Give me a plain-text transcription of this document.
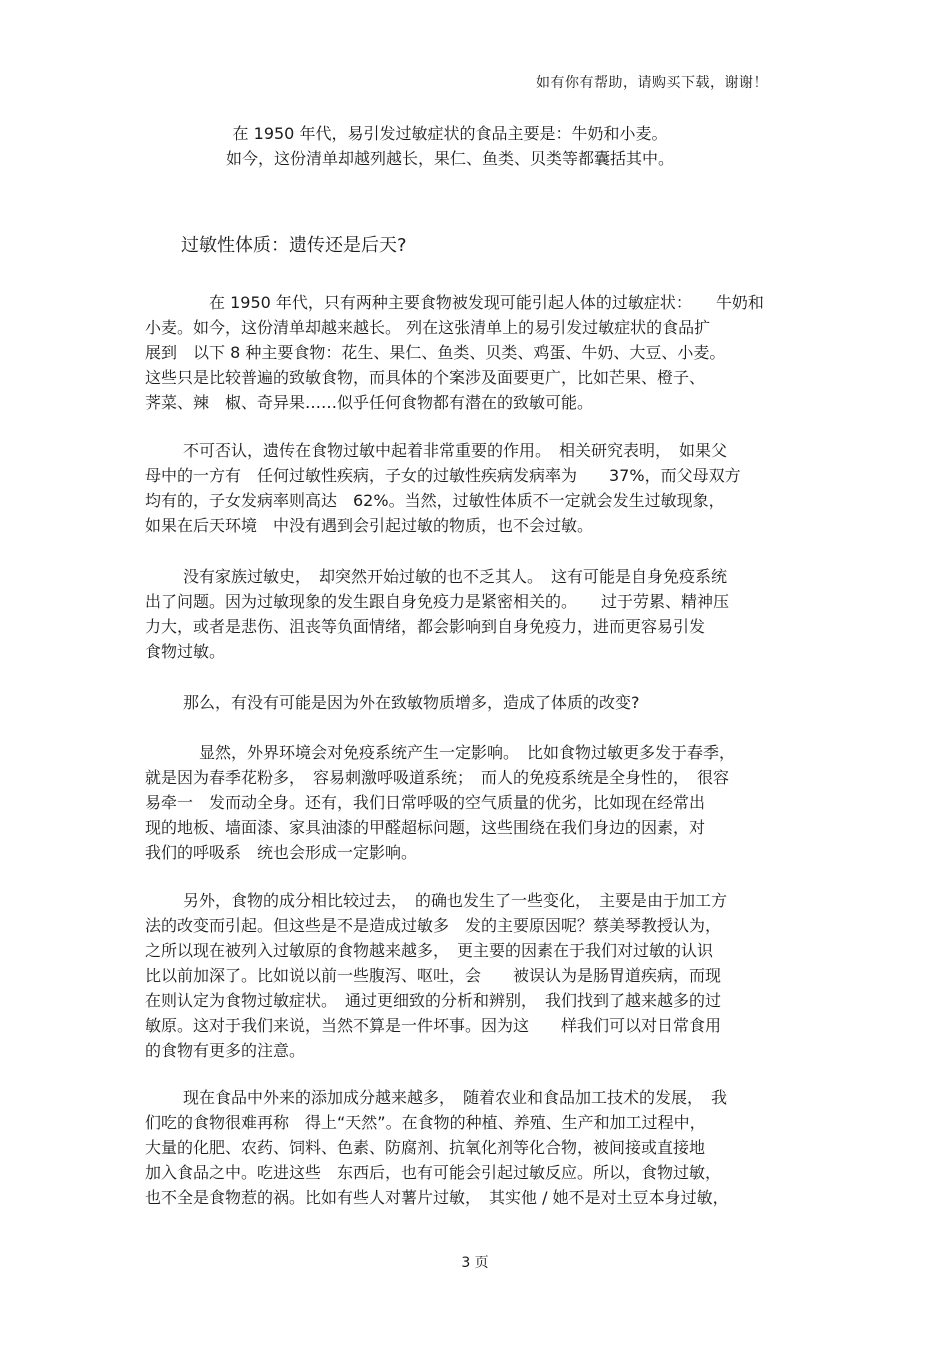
如有你有帮助，请购买下载，谢谢！
在 1950 年代，易引发过敏症状的食品主要是：牛奶和小麦。
如今，这份清单却越列越长，果仁、鱼类、贝类等都囊括其中。
过敏性体质：遗传还是后天?
　在 1950 年代，只有两种主要食物被发现可能引起人体的过敏症状：　　牛奶和
小麦。如今，这份清单却越来越长。 列在这张清单上的易引发过敏症状的食品扩
展到　以下 8 种主要食物：花生、果仁、鱼类、贝类、鸡蛋、牛奶、大豆、小麦。
这些只是比较普遍的致敏食物，而具体的个案涉及面要更广，比如芒果、橙子、
荠菜、辣　椒、奇异果……似乎任何食物都有潜在的致敏可能。
不可否认，遗传在食物过敏中起着非常重要的作用。　相关研究表明，　如果父
母中的一方有　任何过敏性疾病，子女的过敏性疾病发病率为　　37%，而父母双方
均有的，子女发病率则高达　62%。当然，过敏性体质不一定就会发生过敏现象，
如果在后天环境　中没有遇到会引起过敏的物质，也不会过敏。
没有家族过敏史，　却突然开始过敏的也不乏其人。　这有可能是自身免疫系统
出了问题。因为过敏现象的发生跟自身免疫力是紧密相关的。　　过于劳累、精神压
力大，或者是悲伤、沮丧等负面情绪，都会影响到自身免疫力，进而更容易引发
食物过敏。
那么，有没有可能是因为外在致敏物质增多，造成了体质的改变?
　显然，外界环境会对免疫系统产生一定影响。　比如食物过敏更多发于春季，
就是因为春季花粉多，　容易刺激呼吸道系统；　而人的免疫系统是全身性的，　很容
易牵一　发而动全身。还有，我们日常呼吸的空气质量的优劣，比如现在经常出
现的地板、墙面漆、家具油漆的甲醛超标问题，这些围绕在我们身边的因素，对
我们的呼吸系　统也会形成一定影响。
另外，食物的成分相比较过去，　的确也发生了一些变化，　主要是由于加工方
法的改变而引起。但这些是不是造成过敏多　发的主要原因呢？蔡美琴教授认为，
之所以现在被列入过敏原的食物越来越多，　更主要的因素在于我们对过敏的认识
比以前加深了。比如说以前一些腹泻、呕吐，会　　被误认为是肠胃道疾病，而现
在则认定为食物过敏症状。　通过更细致的分析和辨别，　我们找到了越来越多的过
敏原。这对于我们来说，当然不算是一件坏事。因为这　　样我们可以对日常食用
的食物有更多的注意。
现在食品中外来的添加成分越来越多，　随着农业和食品加工技术的发展，　我
们吃的食物很难再称　得上“天然”。在食物的种植、养殖、生产和加工过程中，
大量的化肥、农药、饲料、色素、防腐剂、抗氧化剂等化合物，被间接或直接地
加入食品之中。吃进这些　东西后，也有可能会引起过敏反应。所以，食物过敏，
也不全是食物惹的祸。比如有些人对薯片过敏，　其实他 / 她不是对土豆本身过敏，
3 页
